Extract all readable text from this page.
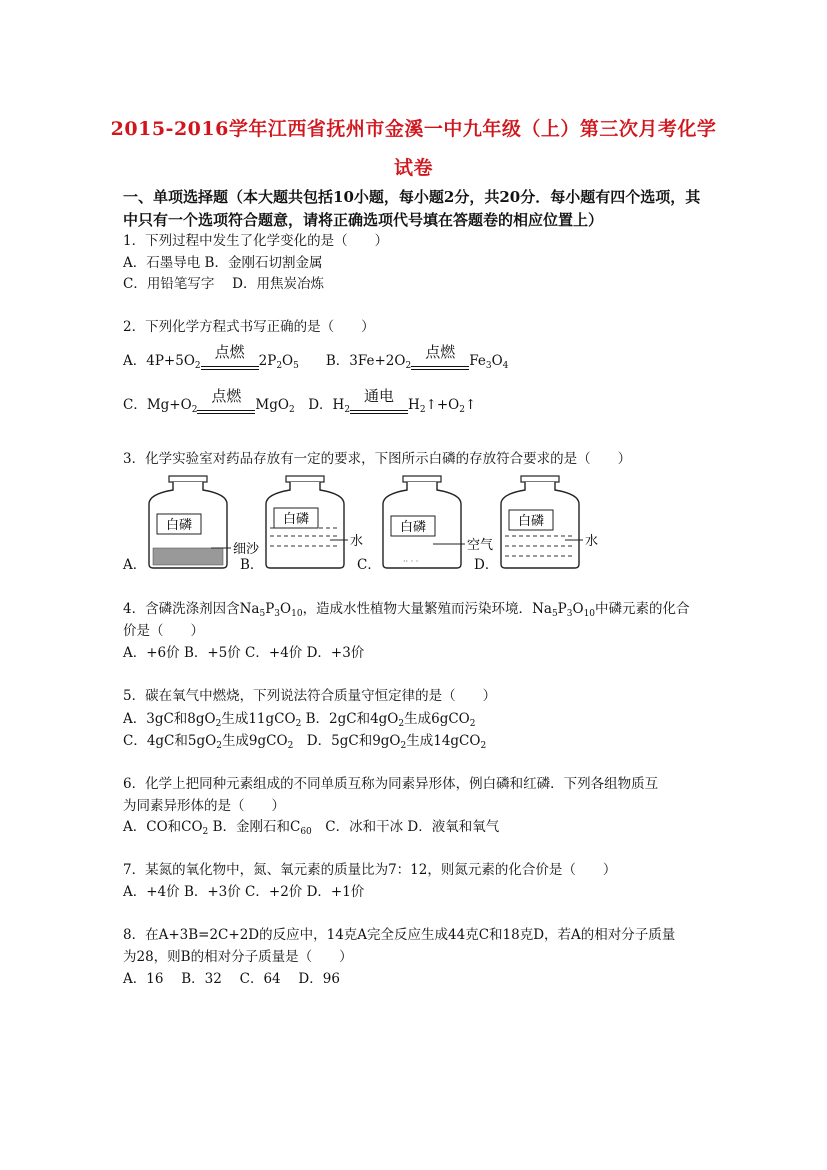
2015-2016学年江西省抚州市金溪一中九年级（上）第三次月考化学
试卷
一、单项选择题（本大题共包括10小题，每小题2分，共20分．每小题有四个选项，其
中只有一个选项符合题意，请将正确选项代号填在答题卷的相应位置上）
1．下列过程中发生了化学变化的是（　　）
A．石墨导电 B．金刚石切割金属
C．用铅笔写字　 D．用焦炭冶炼
2．下列化学方程式书写正确的是（　　）
A．$4P+5O_2$
点燃	$2P_2O_5$　　B．$3Fe+2O_2$
点燃	$Fe_3O_4$
C．$Mg+O_2$
点燃	MgO$_2$　D．$H_2$
通电	$H_2↑+O_2↑$
3．化学实验室对药品存放有一定的要求，下图所示白磷的存放符合要求的是（　　）
白磷
细沙
白磷
水
白磷
·· · ·
空气
白磷
水
A．	B．	C．	D．
4．含磷洗涤剂因含$Na_5P_3O_{10}$，造成水性植物大量繁殖而污染环境．$Na_5P_3O_{10}$中磷元素的化合
价是（　　）
A．+6价 B．+5价 C．+4价 D．+3价
5．碳在氧气中燃烧，下列说法符合质量守恒定律的是（　　）
A．3gC和$8gO_2$生成11gCO$_2$ B．2gC和$4gO_2$生成6gCO$_2$
C．4gC和$5gO_2$生成9gCO$_2$　D．5gC和$9gO_2$生成14gCO$_2$
6．化学上把同种元素组成的不同单质互称为同素异形体，例白磷和红磷．下列各组物质互
为同素异形体的是（　　）
A．CO和$CO_2$ B．金刚石和$C_{60}$　C．冰和干冰 D．液氧和氧气
7．某氮的氧化物中，氮、氧元素的质量比为7：12，则氮元素的化合价是（　　）
A．+4价 B．+3价 C．+2价 D．+1价
8．在A+3B=2C+2D的反应中，14克A完全反应生成44克C和18克D，若A的相对分子质量
为28，则B的相对分子质量是（　　）
A．16　 B．32　 C．64　 D．96
